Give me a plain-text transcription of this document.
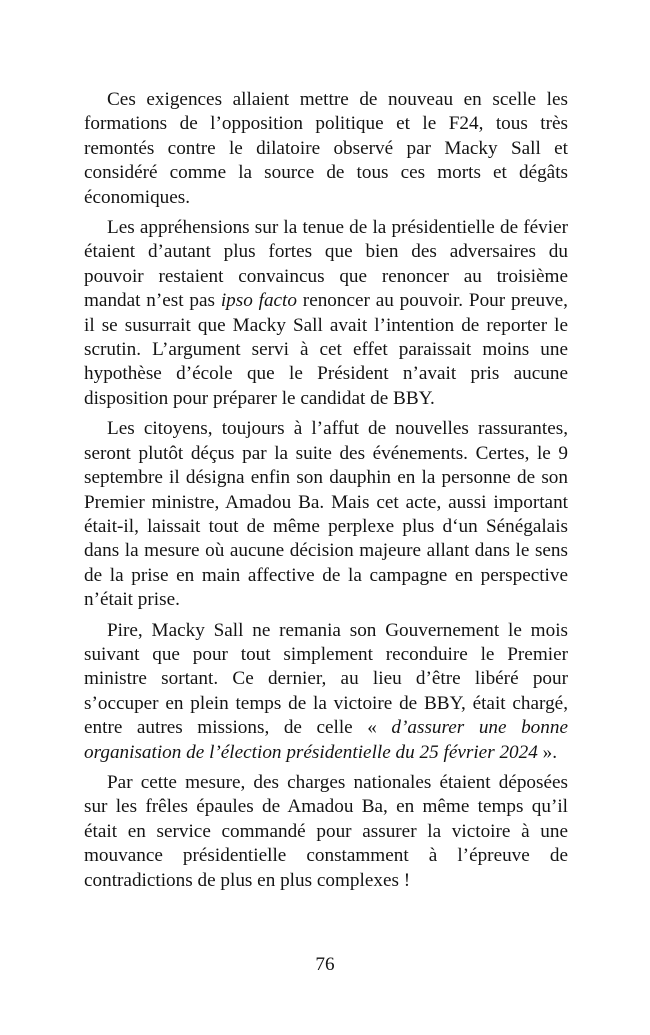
Ces exigences allaient mettre de nouveau en scelle les formations de l’opposition politique et le F24, tous très remontés contre le dilatoire observé par Macky Sall et considéré comme la source de tous ces morts et dégâts économiques.

Les appréhensions sur la tenue de la présidentielle de févier étaient d’autant plus fortes que bien des adversaires du pouvoir restaient convaincus que renoncer au troisième mandat n’est pas ipso facto renoncer au pouvoir. Pour preuve, il se susurrait que Macky Sall avait l’intention de reporter le scrutin. L’argument servi à cet effet paraissait moins une hypothèse d’école que le Président n’avait pris aucune disposition pour préparer le candidat de BBY.

Les citoyens, toujours à l’affut de nouvelles rassurantes, seront plutôt déçus par la suite des événements. Certes, le 9 septembre il désigna enfin son dauphin en la personne de son Premier ministre, Amadou Ba. Mais cet acte, aussi important était-il, laissait tout de même perplexe plus d‘un Sénégalais dans la mesure où aucune décision majeure allant dans le sens de la prise en main affective de la campagne en perspective n’était prise.

Pire, Macky Sall ne remania son Gouvernement le mois suivant que pour tout simplement reconduire le Premier ministre sortant. Ce dernier, au lieu d’être libéré pour s’occuper en plein temps de la victoire de BBY, était chargé, entre autres missions, de celle « d’assurer une bonne organisation de l’élection présidentielle du 25 février 2024 ».

Par cette mesure, des charges nationales étaient déposées sur les frêles épaules de Amadou Ba, en même temps qu’il était en service commandé pour assurer la victoire à une mouvance présidentielle constamment à l’épreuve de contradictions de plus en plus complexes !

76
